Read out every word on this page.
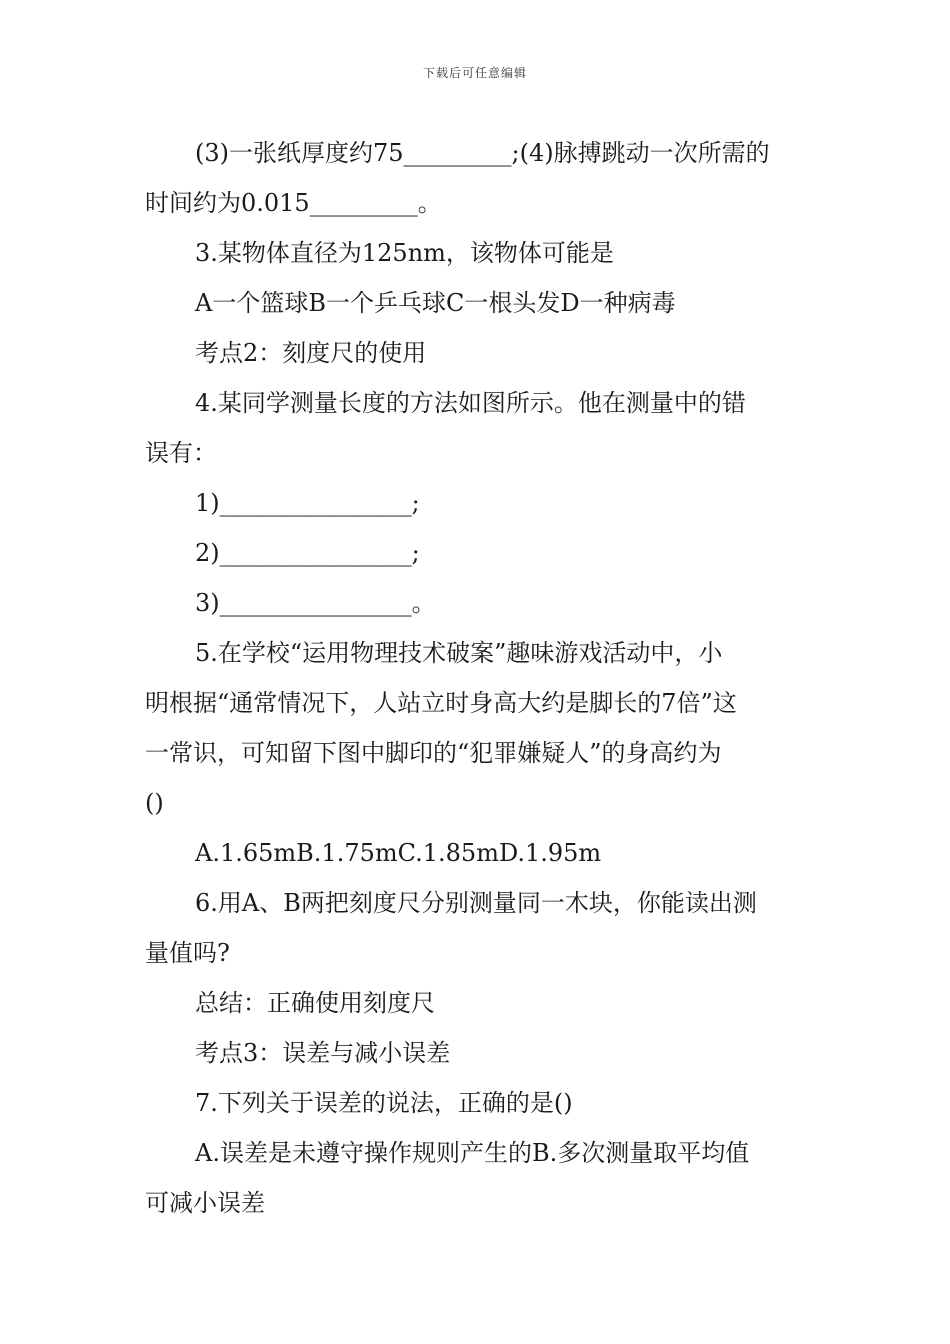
下载后可任意编辑
(3)一张纸厚度约75_________;(4)脉搏跳动一次所需的
时间约为0.015_________。
3.某物体直径为125nm，该物体可能是
A一个篮球B一个乒乓球C一根头发D一种病毒
考点2：刻度尺的使用
4.某同学测量长度的方法如图所示。他在测量中的错
误有：
1)________________;
2)________________;
3)________________。
5.在学校“运用物理技术破案”趣味游戏活动中，小
明根据“通常情况下，人站立时身高大约是脚长的7倍”这
一常识，可知留下图中脚印的“犯罪嫌疑人”的身高约为
()
A.1.65mB.1.75mC.1.85mD.1.95m
6.用A、B两把刻度尺分别测量同一木块，你能读出测
量值吗?
总结：正确使用刻度尺
考点3：误差与减小误差
7.下列关于误差的说法，正确的是()
A.误差是未遵守操作规则产生的B.多次测量取平均值
可减小误差
